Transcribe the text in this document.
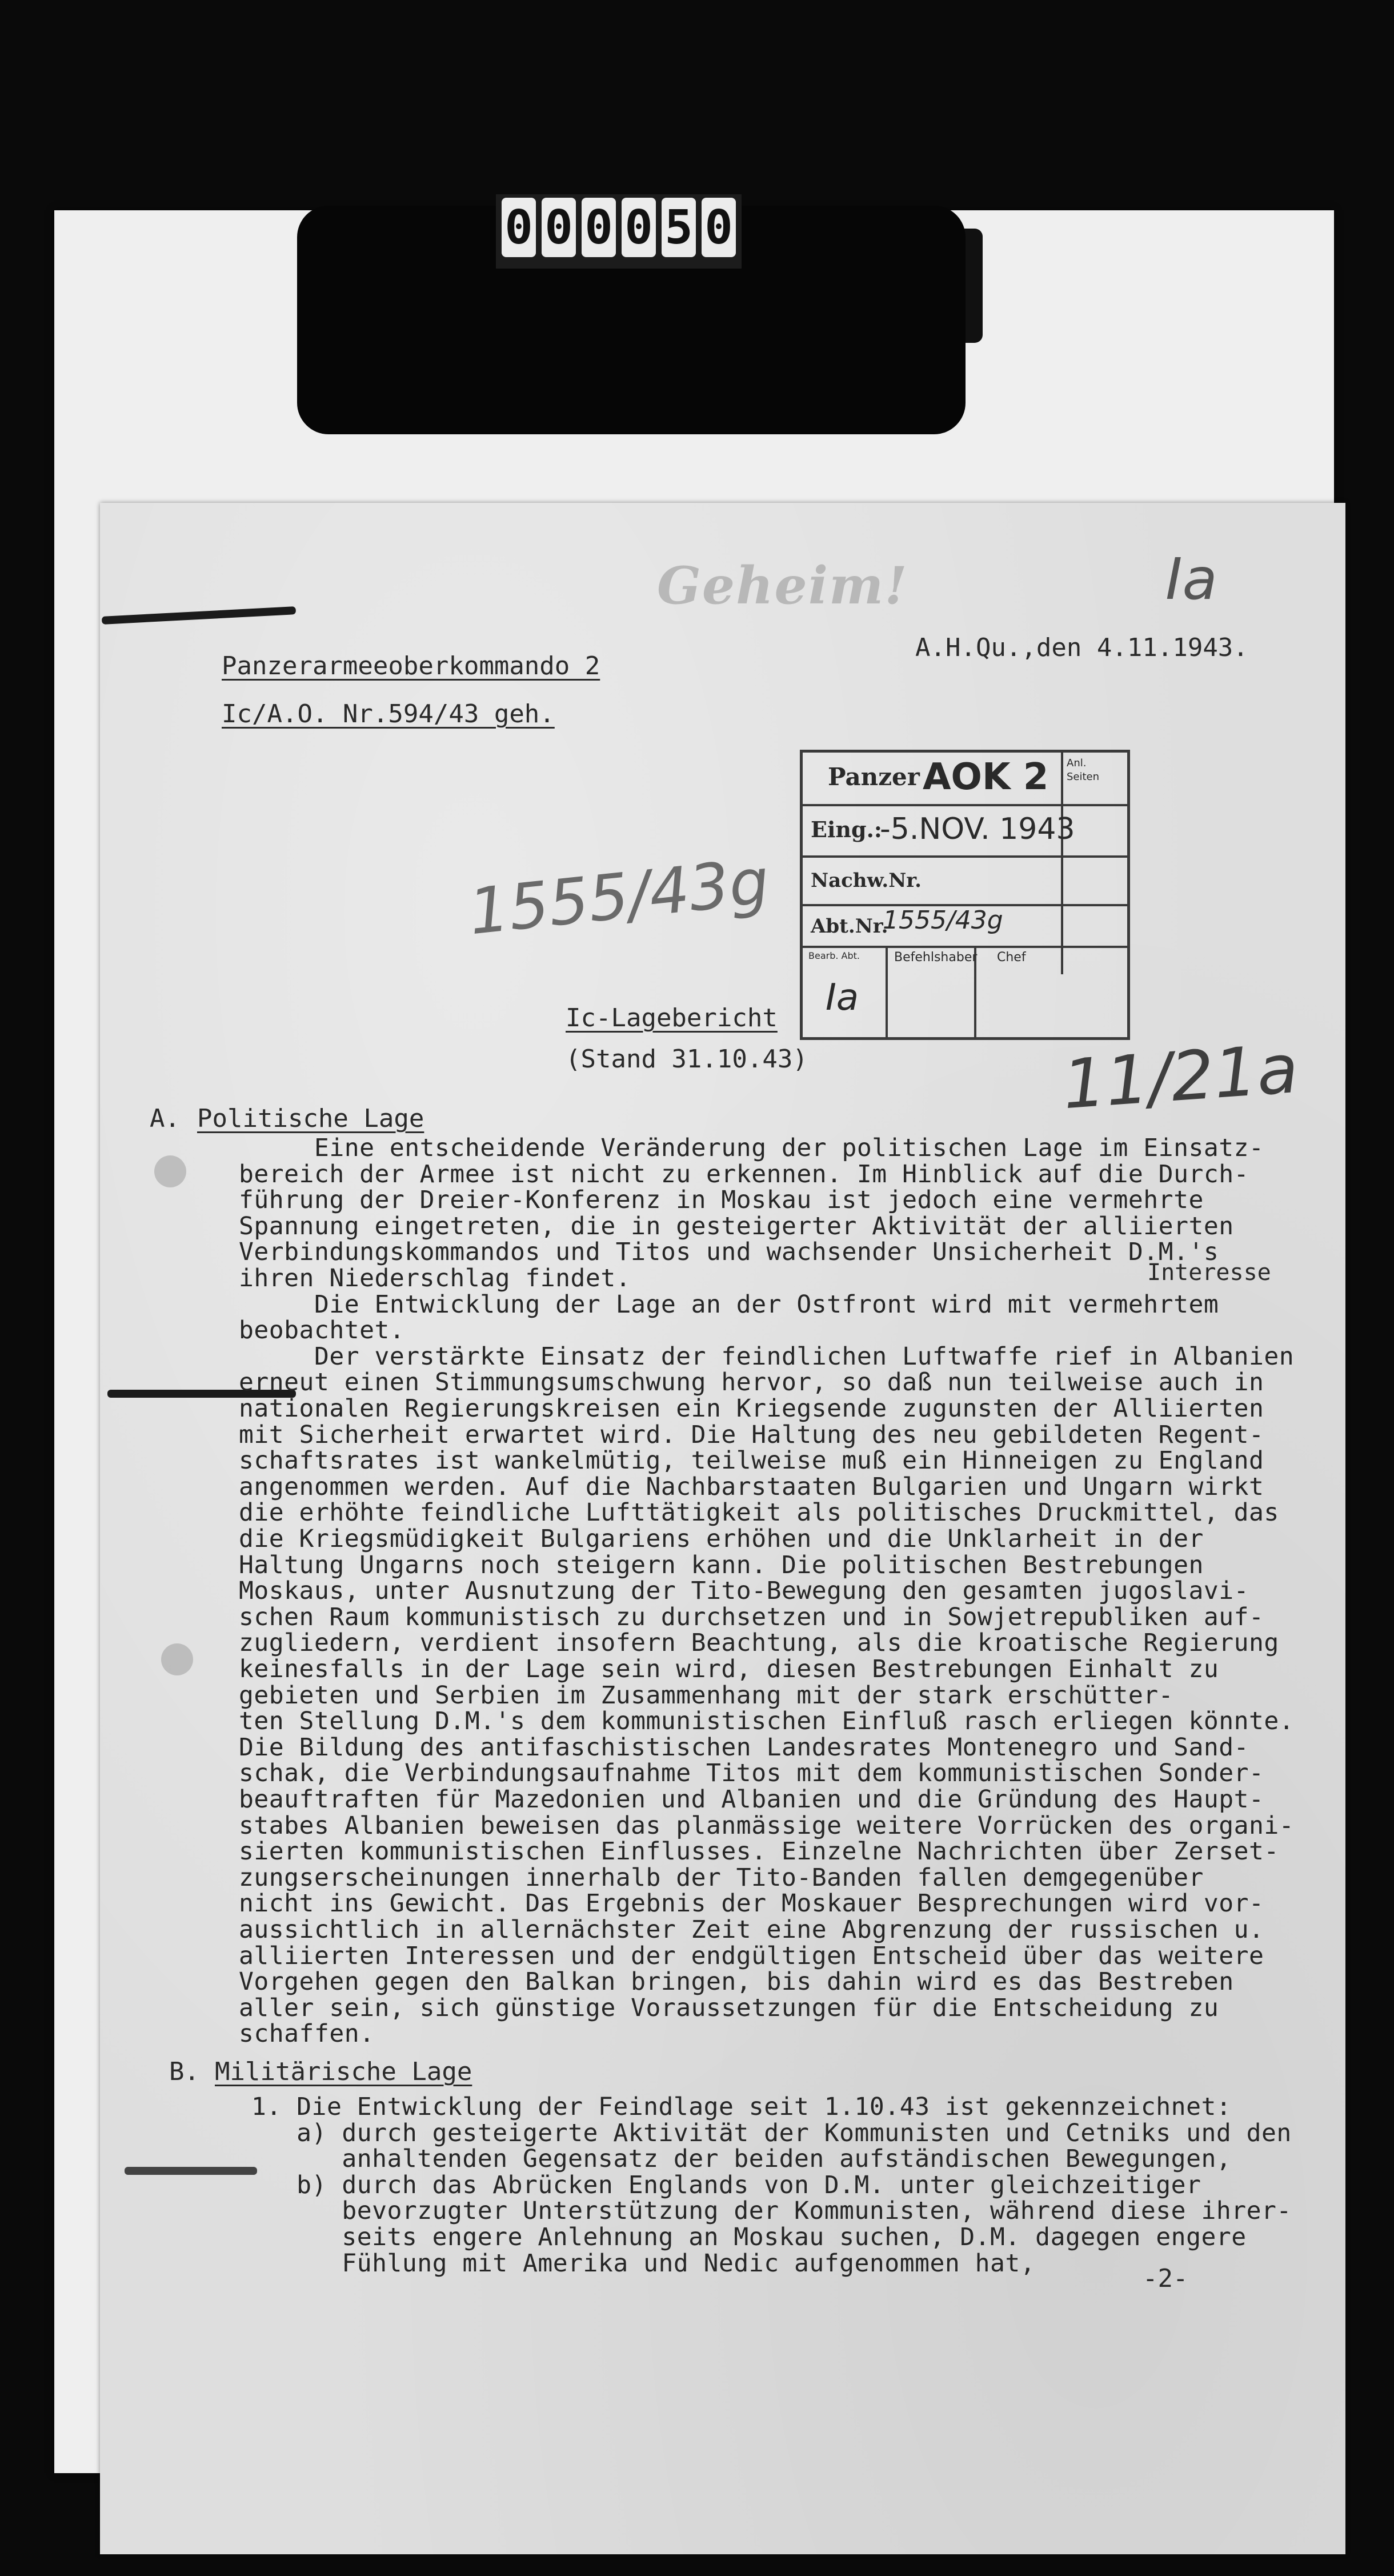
0 0 0 0 5 0
Geheim!	Ia
Panzerarmeeoberkommando 2
Ic/A.O. Nr.594/43 geh.
A.H.Qu.,den 4.11.1943.
1555/43g
11/21a
Panzer AOK 2 Anl.
Seiten
Eing.:
-5.NOV. 1943
Nachw.Nr.
Abt.Nr.
1555/43g
Bearb. Abt.	Befehlshaber Chef
Ia
Ic-Lagebericht
(Stand 31.10.43)
A. Politische Lage
Interesse
Eine entscheidende Veränderung der politischen Lage im Einsatz-
bereich der Armee ist nicht zu erkennen. Im Hinblick auf die Durch-
führung der Dreier-Konferenz in Moskau ist jedoch eine vermehrte
Spannung eingetreten, die in gesteigerter Aktivität der alliierten
Verbindungskommandos und Titos und wachsender Unsicherheit D.M.'s
ihren Niederschlag findet.
Die Entwicklung der Lage an der Ostfront wird mit vermehrtem
beobachtet.
Der verstärkte Einsatz der feindlichen Luftwaffe rief in Albanien
erneut einen Stimmungsumschwung hervor, so daß nun teilweise auch in
nationalen Regierungskreisen ein Kriegsende zugunsten der Alliierten
mit Sicherheit erwartet wird. Die Haltung des neu gebildeten Regent-
schaftsrates ist wankelmütig, teilweise muß ein Hinneigen zu England
angenommen werden. Auf die Nachbarstaaten Bulgarien und Ungarn wirkt
die erhöhte feindliche Lufttätigkeit als politisches Druckmittel, das
die Kriegsmüdigkeit Bulgariens erhöhen und die Unklarheit in der
Haltung Ungarns noch steigern kann. Die politischen Bestrebungen
Moskaus, unter Ausnutzung der Tito-Bewegung den gesamten jugoslavi-
schen Raum kommunistisch zu durchsetzen und in Sowjetrepubliken auf-
zugliedern, verdient insofern Beachtung, als die kroatische Regierung
keinesfalls in der Lage sein wird, diesen Bestrebungen Einhalt zu
gebieten und Serbien im Zusammenhang mit der stark erschütter-
ten Stellung D.M.'s dem kommunistischen Einfluß rasch erliegen könnte.
Die Bildung des antifaschistischen Landesrates Montenegro und Sand-
schak, die Verbindungsaufnahme Titos mit dem kommunistischen Sonder-
beauftraften für Mazedonien und Albanien und die Gründung des Haupt-
stabes Albanien beweisen das planmässige weitere Vorrücken des organi-
sierten kommunistischen Einflusses. Einzelne Nachrichten über Zerset-
zungserscheinungen innerhalb der Tito-Banden fallen demgegenüber
nicht ins Gewicht. Das Ergebnis der Moskauer Besprechungen wird vor-
aussichtlich in allernächster Zeit eine Abgrenzung der russischen u.
alliierten Interessen und der endgültigen Entscheid über das weitere
Vorgehen gegen den Balkan bringen, bis dahin wird es das Bestreben
aller sein, sich günstige Voraussetzungen für die Entscheidung zu
schaffen.
B. Militärische Lage
1. Die Entwicklung der Feindlage seit 1.10.43 ist gekennzeichnet:
a) durch gesteigerte Aktivität der Kommunisten und Cetniks und den
anhaltenden Gegensatz der beiden aufständischen Bewegungen,
b) durch das Abrücken Englands von D.M. unter gleichzeitiger
bevorzugter Unterstützung der Kommunisten, während diese ihrer-
seits engere Anlehnung an Moskau suchen, D.M. dagegen engere
Fühlung mit Amerika und Nedic aufgenommen hat,
-2-
